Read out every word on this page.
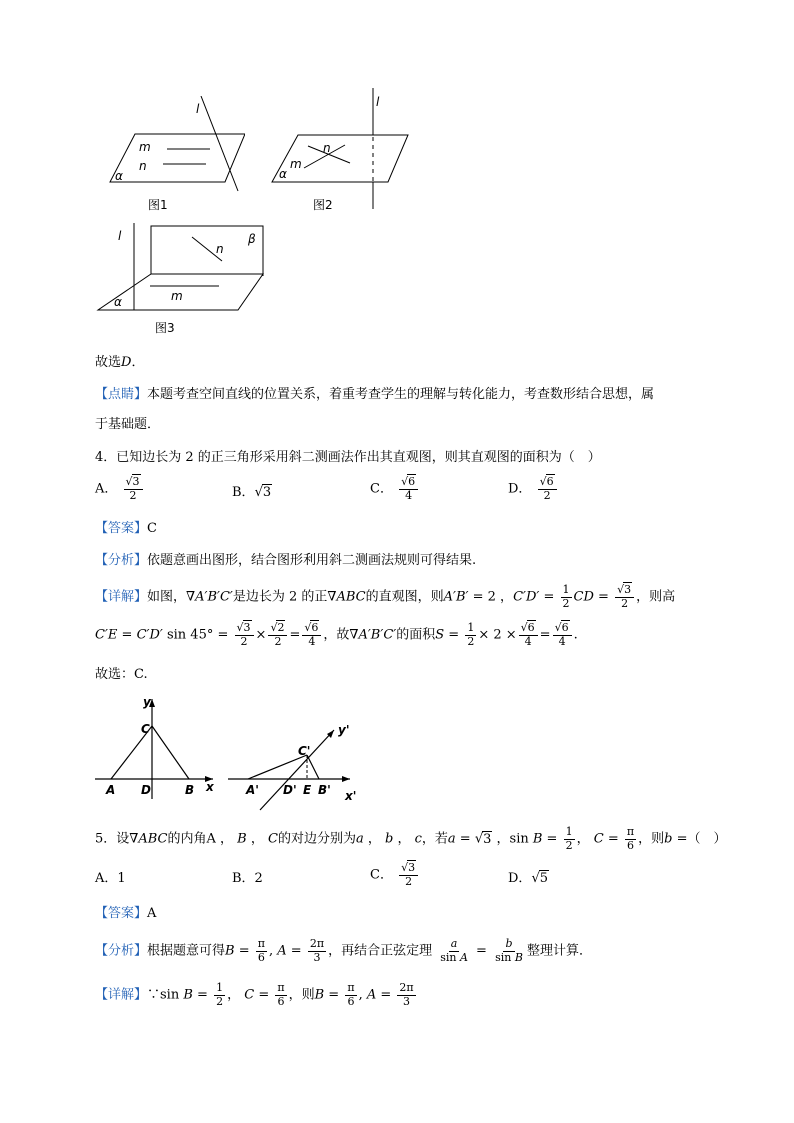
l
m
n
α
图1
l
n
m
α
图2
l	β
n
m
α
图3
故选D．
【点睛】本题考查空间直线的位置关系，着重考查学生的理解与转化能力，考查数形结合思想，属
于基础题．
4．已知边长为 2 的正三角形采用斜二测画法作出其直观图，则其直观图的面积为（　）
A． $\frac{√3}{2}$	B．√3	C． $\frac{√6}{4}$	D． $\frac{√6}{2}$
【答案】C
【分析】依题意画出图形，结合图形利用斜二测画法规则可得结果.
【详解】如图，∇A′B′C′是边长为 2 的正∇ABC的直观图，则A′B′ = 2 ，$C'D' = \frac{1}{2}$ CD = $\frac{√3}{2}$ ，则高
C′E = C′D′ $\sin 45^\circ = \frac{√3}{2} \times \frac{√2}{2} = \frac{√6}{4}$ ，故∇A′B′C′的面积$S = \frac{1}{2} \times 2 \times \frac{√6}{4} = \frac{√6}{4}$ .
故选：C.
y
C
A D	B x
y'
C'
A' D' E B' x'
5．设∇ABC的内角A ， B ， C的对边分别为a ， b ， c，若a = √3 ，$\sin B = \frac{1}{2}$ ， $C = \frac{\pi}{6}$ ，则b =（　）
A．1	B．2	C． $\frac{√3}{2}$	D．√5
【答案】A
【分析】根据题意可得$B = \frac{\pi}{6}$ , $A = \frac{2\pi}{3}$ ，再结合正弦定理 $\frac{a}{\text{sin A}} = \frac{b}{\text{sin B}}$ 整理计算．
【详解】∵sin $B = \frac{1}{2}$ ， $C = \frac{\pi}{6}$ ，则$B = \frac{\pi}{6}$ , $A = \frac{2\pi}{3}$
